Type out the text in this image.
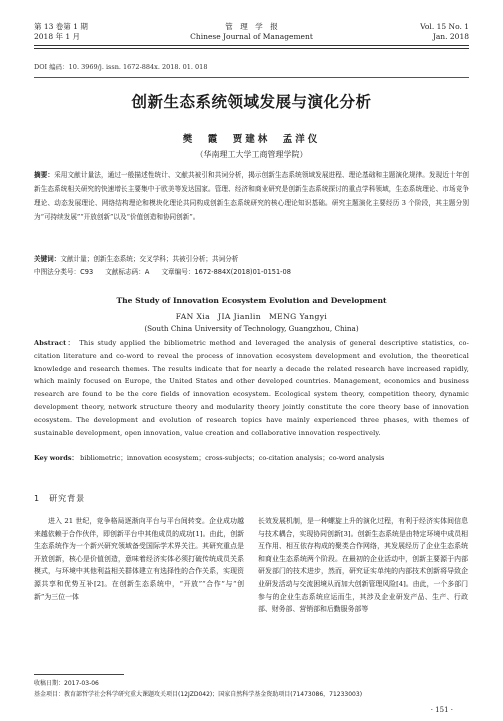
第 13 卷第 1 期
2018 年 1 月
管　理　学　报
Chinese Journal of Management
Vol. 15 No. 1
Jan. 2018
DOI 编码：10. 3969/j. issn. 1672-884x. 2018. 01. 018
创新生态系统领域发展与演化分析
樊　霞　贾建林　孟洋仪
（华南理工大学工商管理学院）
摘要：采用文献计量法，通过一般描述性统计、文献共被引和共词分析，揭示创新生态系统领域发展进程、理论基础和主题演化规律。发现近十年创新生态系统相关研究的快速增长主要集中于欧美等发达国家。管理、经济和商业研究是创新生态系统探讨的重点学科领域，生态系统理论、市场竞争理论、动态发展理论、网络结构理论和模块化理论共同构成创新生态系统研究的核心理论知识基础。研究主题演化主要经历 3 个阶段，其主题分别为“可持续发展”“开放创新”以及“价值创造和协同创新”。
关键词：文献计量；创新生态系统；交叉学科；共被引分析；共词分析
中图法分类号：C93 文献标志码：A 文章编号：1672-884X(2018)01-0151-08
The Study of Innovation Ecosystem Evolution and Development
FAN Xia　JIA Jianlin　MENG Yangyi
(South China University of Technology, Guangzhou, China)
Abstract： This study applied the bibliometric method and leveraged the analysis of general descriptive statistics, co-citation literature and co-word to reveal the process of innovation ecosystem development and evolution, the theoretical knowledge and research themes. The results indicate that for nearly a decade the related research have increased rapidly, which mainly focused on Europe, the United States and other developed countries. Management, economics and business research are found to be the core fields of innovation ecosystem. Ecological system theory, competition theory, dynamic development theory, network structure theory and modularity theory jointly constitute the core theory base of innovation ecosystem. The development and evolution of research topics have mainly experienced three phases, with themes of sustainable development, open innovation, value creation and collaborative innovation respectively.
Key words： bibliometric；innovation ecosystem；cross-subjects；co-citation analysis；co-word analysis
1　研究背景
进入 21 世纪，竞争格局逐渐向平台与平台间转变。企业成功越来越依赖于合作伙伴，即创新平台中其他成员的成功[1]。由此，创新生态系统作为一个新兴研究领域备受国际学术界关注。其研究重点是开放创新，核心是价值创造，意味着经济实体必须打破传统成员关系模式，与环境中其他利益相关群体建立有选择性的合作关系，实现资源共享和优势互补[2]。在创新生态系统中，“开放”“合作”与“创新”为三位一体
长效发展机制，是一种螺旋上升的演化过程，有利于经济实体间信息与技术耦合，实现协同创新[3]。创新生态系统是由特定环境中成员相互作用、相互依存构成的聚类合作网络，其发展经历了企业生态系统和商业生态系统两个阶段。在最初的企业活动中，创新主要源于内部研发部门的技术进步，然而，研究证实单纯的内部技术创新将导致企业研发活动与交流困境从而加大创新管理风险[4]。由此，一个多部门参与的企业生态系统应运而生，其涉及企业研发产品、生产、行政部、财务部、营销部和后勤服务部等
收稿日期：2017-03-06
基金项目：教育部哲学社会科学研究重大课题攻关项目(12JZD042)；国家自然科学基金资助项目(71473086，71233003)
· 151 ·
